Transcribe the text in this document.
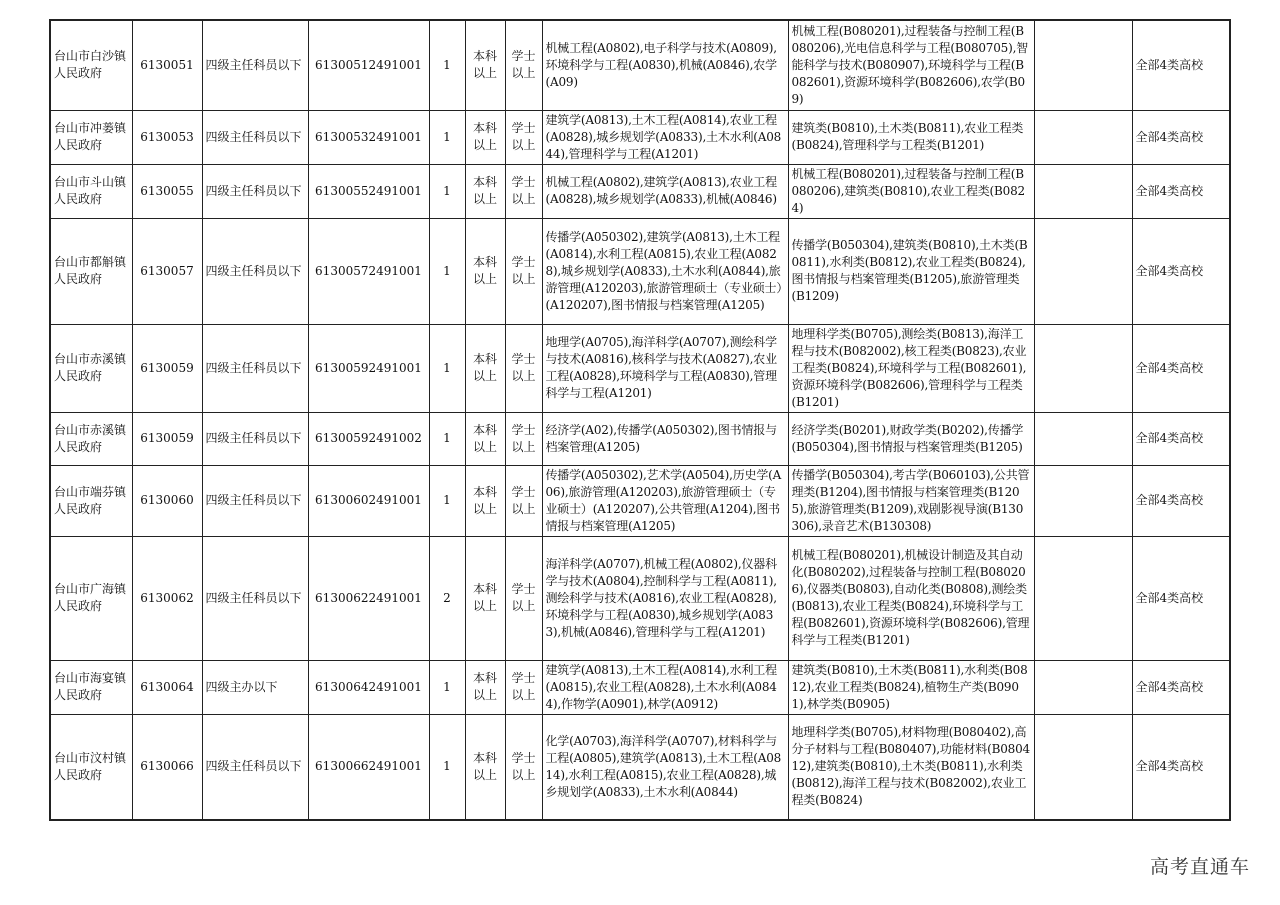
台山市白沙镇人民政府	6130051	四级主任科员以下	61300512491001	1	本科以上	学士以上	机械工程(A0802),电子科学与技术(A0809),环境科学与工程(A0830),机械(A0846),农学(A09)	机械工程(B080201),过程装备与控制工程(B080206),光电信息科学与工程(B080705),智能科学与技术(B080907),环境科学与工程(B082601),资源环境科学(B082606),农学(B09)		全部4类高校
台山市冲蒌镇人民政府	6130053	四级主任科员以下	61300532491001	1	本科以上	学士以上	建筑学(A0813),土木工程(A0814),农业工程(A0828),城乡规划学(A0833),土木水利(A0844),管理科学与工程(A1201)	建筑类(B0810),土木类(B0811),农业工程类(B0824),管理科学与工程类(B1201)		全部4类高校
台山市斗山镇人民政府	6130055	四级主任科员以下	61300552491001	1	本科以上	学士以上	机械工程(A0802),建筑学(A0813),农业工程(A0828),城乡规划学(A0833),机械(A0846)	机械工程(B080201),过程装备与控制工程(B080206),建筑类(B0810),农业工程类(B0824)		全部4类高校
台山市都斛镇人民政府	6130057	四级主任科员以下	61300572491001	1	本科以上	学士以上	传播学(A050302),建筑学(A0813),土木工程(A0814),水利工程(A0815),农业工程(A0828),城乡规划学(A0833),土木水利(A0844),旅游管理(A120203),旅游管理硕士（专业硕士）(A120207),图书情报与档案管理(A1205)	传播学(B050304),建筑类(B0810),土木类(B0811),水利类(B0812),农业工程类(B0824),图书情报与档案管理类(B1205),旅游管理类(B1209)		全部4类高校
台山市赤溪镇人民政府	6130059	四级主任科员以下	61300592491001	1	本科以上	学士以上	地理学(A0705),海洋科学(A0707),测绘科学与技术(A0816),核科学与技术(A0827),农业工程(A0828),环境科学与工程(A0830),管理科学与工程(A1201)	地理科学类(B0705),测绘类(B0813),海洋工程与技术(B082002),核工程类(B0823),农业工程类(B0824),环境科学与工程(B082601),资源环境科学(B082606),管理科学与工程类(B1201)		全部4类高校
台山市赤溪镇人民政府	6130059	四级主任科员以下	61300592491002	1	本科以上	学士以上	经济学(A02),传播学(A050302),图书情报与档案管理(A1205)	经济学类(B0201),财政学类(B0202),传播学(B050304),图书情报与档案管理类(B1205)		全部4类高校
台山市端芬镇人民政府	6130060	四级主任科员以下	61300602491001	1	本科以上	学士以上	传播学(A050302),艺术学(A0504),历史学(A06),旅游管理(A120203),旅游管理硕士（专业硕士）(A120207),公共管理(A1204),图书情报与档案管理(A1205)	传播学(B050304),考古学(B060103),公共管理类(B1204),图书情报与档案管理类(B1205),旅游管理类(B1209),戏剧影视导演(B130306),录音艺术(B130308)		全部4类高校
台山市广海镇人民政府	6130062	四级主任科员以下	61300622491001	2	本科以上	学士以上	海洋科学(A0707),机械工程(A0802),仪器科学与技术(A0804),控制科学与工程(A0811),测绘科学与技术(A0816),农业工程(A0828),环境科学与工程(A0830),城乡规划学(A0833),机械(A0846),管理科学与工程(A1201)	机械工程(B080201),机械设计制造及其自动化(B080202),过程装备与控制工程(B080206),仪器类(B0803),自动化类(B0808),测绘类(B0813),农业工程类(B0824),环境科学与工程(B082601),资源环境科学(B082606),管理科学与工程类(B1201)		全部4类高校
台山市海宴镇人民政府	6130064	四级主办以下	61300642491001	1	本科以上	学士以上	建筑学(A0813),土木工程(A0814),水利工程(A0815),农业工程(A0828),土木水利(A0844),作物学(A0901),林学(A0912)	建筑类(B0810),土木类(B0811),水利类(B0812),农业工程类(B0824),植物生产类(B0901),林学类(B0905)		全部4类高校
台山市汶村镇人民政府	6130066	四级主任科员以下	61300662491001	1	本科以上	学士以上	化学(A0703),海洋科学(A0707),材料科学与工程(A0805),建筑学(A0813),土木工程(A0814),水利工程(A0815),农业工程(A0828),城乡规划学(A0833),土木水利(A0844)	地理科学类(B0705),材料物理(B080402),高分子材料与工程(B080407),功能材料(B080412),建筑类(B0810),土木类(B0811),水利类(B0812),海洋工程与技术(B082002),农业工程类(B0824)		全部4类高校
高考直通车
